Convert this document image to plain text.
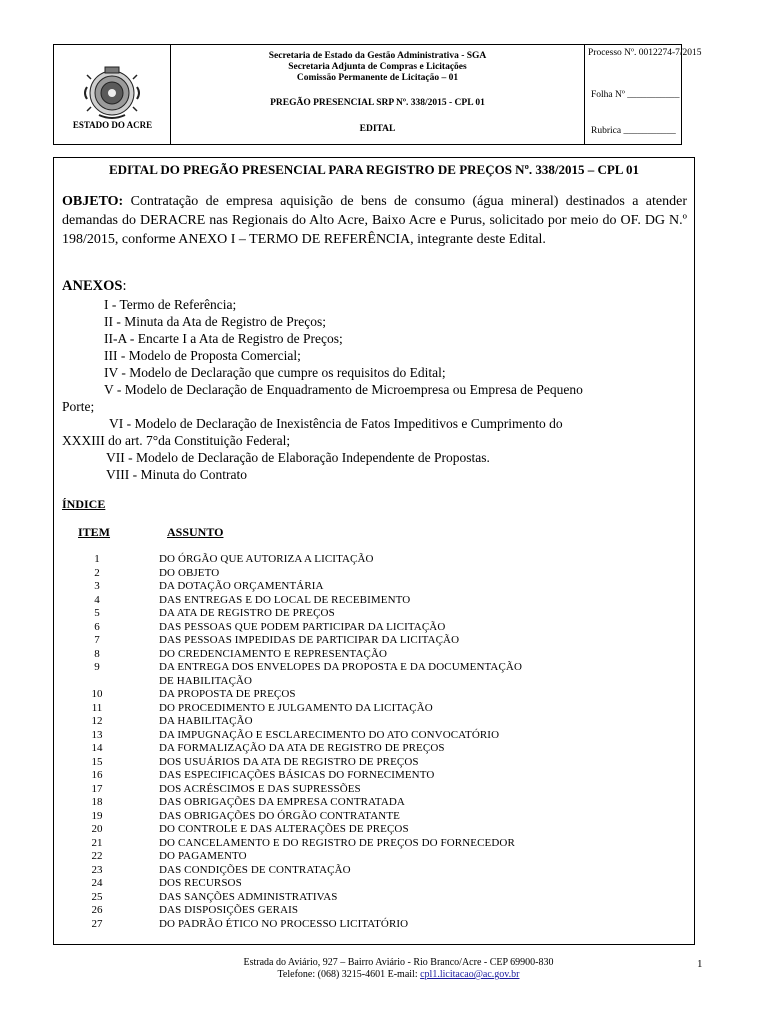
ESTADO DO ACRE
Secretaria de Estado da Gestão Administrativa - SGA
Secretaria Adjunta de Compras e Licitações
Comissão Permanente de Licitação – 01
PREGÃO PRESENCIAL SRP Nº. 338/2015 - CPL 01
EDITAL
Processo Nº. 0012274-7/2015
Folha Nº ___________
Rubrica ___________
EDITAL DO PREGÃO PRESENCIAL PARA REGISTRO DE PREÇOS Nº. 338/2015 – CPL 01
OBJETO: Contratação de empresa aquisição de bens de consumo (água mineral) destinados a atender demandas do DERACRE nas Regionais do Alto Acre, Baixo Acre e Purus, solicitado por meio do OF. DG N.º 198/2015, conforme ANEXO I – TERMO DE REFERÊNCIA, integrante deste Edital.
ANEXOS:
I - Termo de Referência;
II - Minuta da Ata de Registro de Preços;
II-A - Encarte I a Ata de Registro de Preços;
III - Modelo de Proposta Comercial;
IV - Modelo de Declaração que cumpre os requisitos do Edital;
V - Modelo de Declaração de Enquadramento de Microempresa ou Empresa de Pequeno
Porte;
VI - Modelo de Declaração de Inexistência de Fatos Impeditivos e Cumprimento do
XXXIII do art. 7°da Constituição Federal;
VII - Modelo de Declaração de Elaboração Independente de Propostas.
VIII - Minuta do Contrato
ÍNDICE
ITEM	ASSUNTO
1	DO ÓRGÃO QUE AUTORIZA A LICITAÇÃO
2	DO OBJETO
3	DA DOTAÇÃO ORÇAMENTÁRIA
4	DAS ENTREGAS E DO LOCAL DE RECEBIMENTO
5	DA ATA DE REGISTRO DE PREÇOS
6	DAS PESSOAS QUE PODEM PARTICIPAR DA LICITAÇÃO
7	DAS PESSOAS IMPEDIDAS DE PARTICIPAR DA LICITAÇÃO
8	DO CREDENCIAMENTO E REPRESENTAÇÃO
9	DA ENTREGA DOS ENVELOPES DA PROPOSTA E DA DOCUMENTAÇÃO
DE HABILITAÇÃO
10	DA PROPOSTA DE PREÇOS
11	DO PROCEDIMENTO E JULGAMENTO DA LICITAÇÃO
12	DA HABILITAÇÃO
13	DA IMPUGNAÇÃO E ESCLARECIMENTO DO ATO CONVOCATÓRIO
14	DA FORMALIZAÇÃO DA ATA DE REGISTRO DE PREÇOS
15	DOS USUÁRIOS DA ATA DE REGISTRO DE PREÇOS
16	DAS ESPECIFICAÇÕES BÁSICAS DO FORNECIMENTO
17	DOS ACRÉSCIMOS E DAS SUPRESSÕES
18	DAS OBRIGAÇÕES DA EMPRESA CONTRATADA
19	DAS OBRIGAÇÕES DO ÓRGÃO CONTRATANTE
20	DO CONTROLE E DAS ALTERAÇÕES DE PREÇOS
21	DO CANCELAMENTO E DO REGISTRO DE PREÇOS DO FORNECEDOR
22	DO PAGAMENTO
23	DAS CONDIÇÕES DE CONTRATAÇÃO
24	DOS RECURSOS
25	DAS SANÇÕES ADMINISTRATIVAS
26	DAS DISPOSIÇÕES GERAIS
27	DO PADRÃO ÉTICO NO PROCESSO LICITATÓRIO
Estrada do Aviário, 927 – Bairro Aviário - Rio Branco/Acre - CEP 69900-830
Telefone: (068) 3215-4601 E-mail: cpl1.licitacao@ac.gov.br
1
